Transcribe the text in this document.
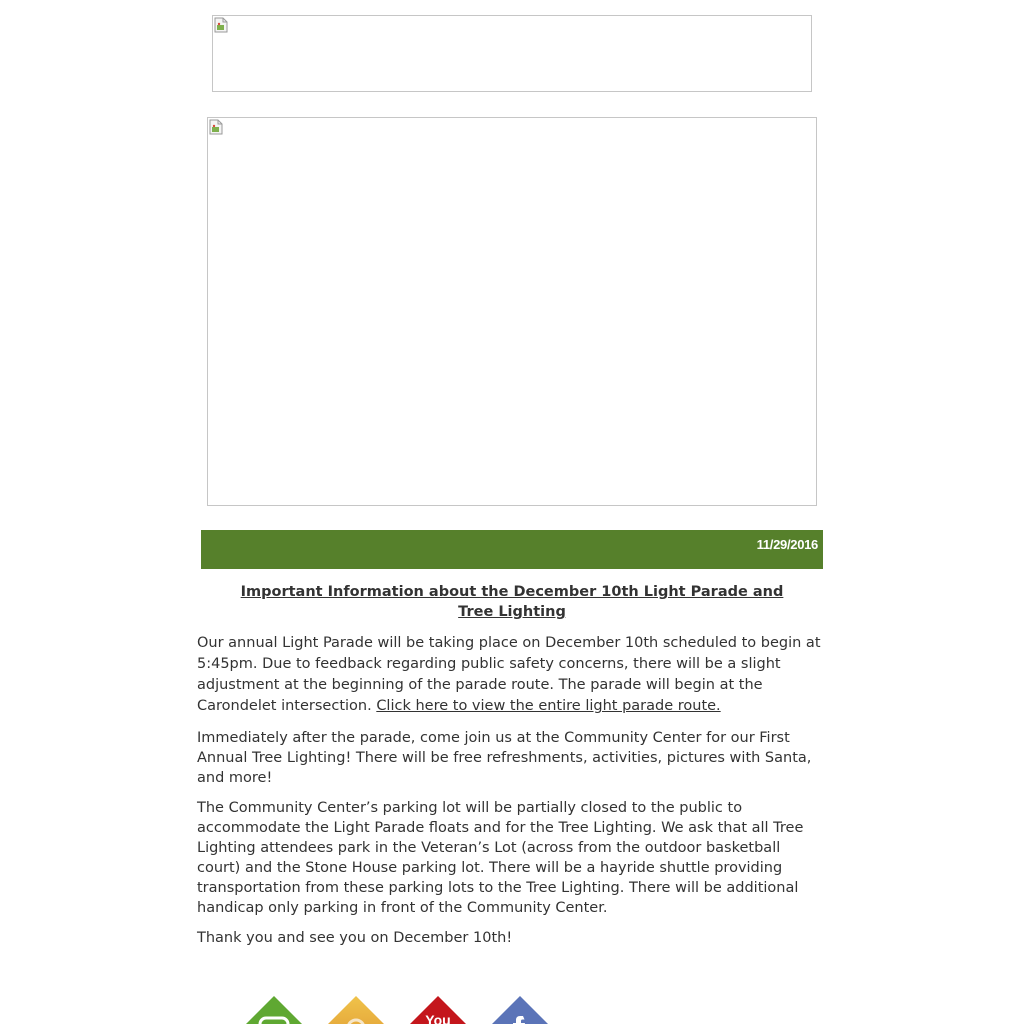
11/29/2016
Important Information about the December 10th Light Parade and Tree Lighting

Our annual Light Parade will be taking place on December 10th scheduled to begin at 5:45pm. Due to feedback regarding public safety concerns, there will be a slight adjustment at the beginning of the parade route. The parade will begin at the Carondelet intersection. Click here to view the entire light parade route.

Immediately after the parade, come join us at the Community Center for our First Annual Tree Lighting! There will be free refreshments, activities, pictures with Santa, and more!

The Community Center’s parking lot will be partially closed to the public to accommodate the Light Parade floats and for the Tree Lighting. We ask that all Tree Lighting attendees park in the Veteran’s Lot (across from the outdoor basketball court) and the Stone House parking lot. There will be a hayride shuttle providing transportation from these parking lots to the Tree Lighting. There will be additional handicap only parking in front of the Community Center.

Thank you and see you on December 10th!

You
